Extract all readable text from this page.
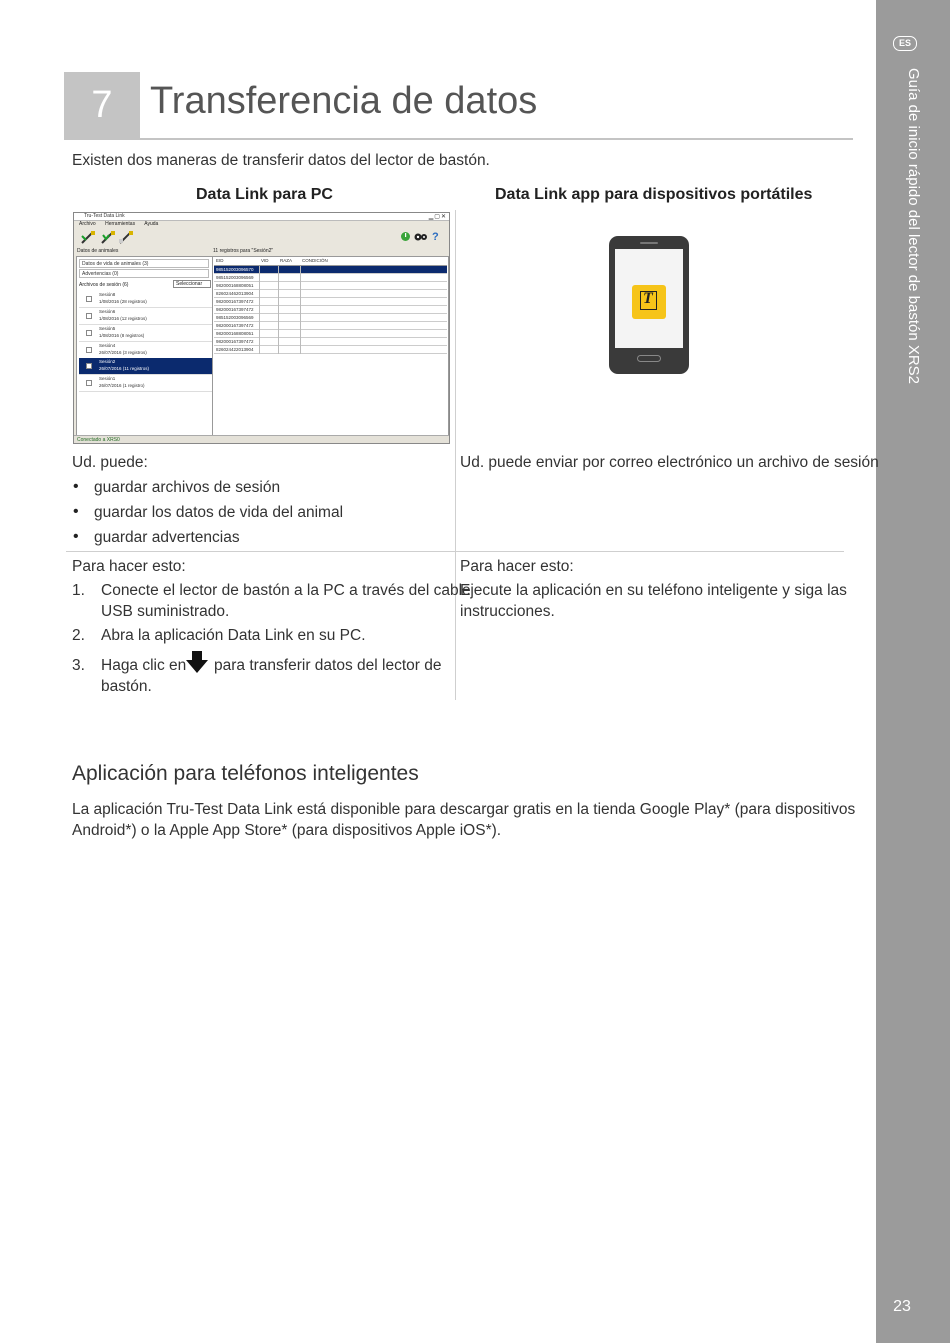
ES
Guía de inicio rápido del lector de bastón XRS2
23
7 Transferencia de datos
Existen dos maneras de transferir datos del lector de bastón.
Data Link para PC	Data Link app para dispositivos portátiles
Tru-Test Data Link	▁▢✕
Archivo Herramientas Ayuda
?
Datos de animales	11 registros para "Sesión2"
Datos de vida de animales (3)
Advertencias (0)
Archivos de sesión (6)	Seleccionar
Sesión8
1/08/2016 (28 registros)
Sesión6
1/08/2016 (12 registros)
Sesión5
1/08/2016 (8 registros)
Sesión4
26/07/2016 (3 registros)
Sesión2
26/07/2016 (11 registros)
Sesión1
26/07/2016 (1 registro)
EID	VID	RAZA CONDICIÓN
985152003096570
985152003096569
982000168808051
826024462013904
982000167397472
982000167397472
985152003096569
982000167397472
982000168808051
982000167397472
826024422013904
Conectado a XRS0
T
Ud. puede:
• guardar archivos de sesión
• guardar los datos de vida del animal
• guardar advertencias
Para hacer esto:
1. Conecte el lector de bastón a la PC a través del cable
USB suministrado.
2. Abra la aplicación Data Link en su PC.
3. Haga clic en para transferir datos del lector de
bastón.
Ud. puede enviar por correo electrónico un archivo de sesión
Para hacer esto:
Ejecute la aplicación en su teléfono inteligente y siga las
instrucciones.
Aplicación para teléfonos inteligentes
La aplicación Tru-Test Data Link está disponible para descargar gratis en la tienda Google Play* (para dispositivos
Android*) o la Apple App Store* (para dispositivos Apple iOS*).
